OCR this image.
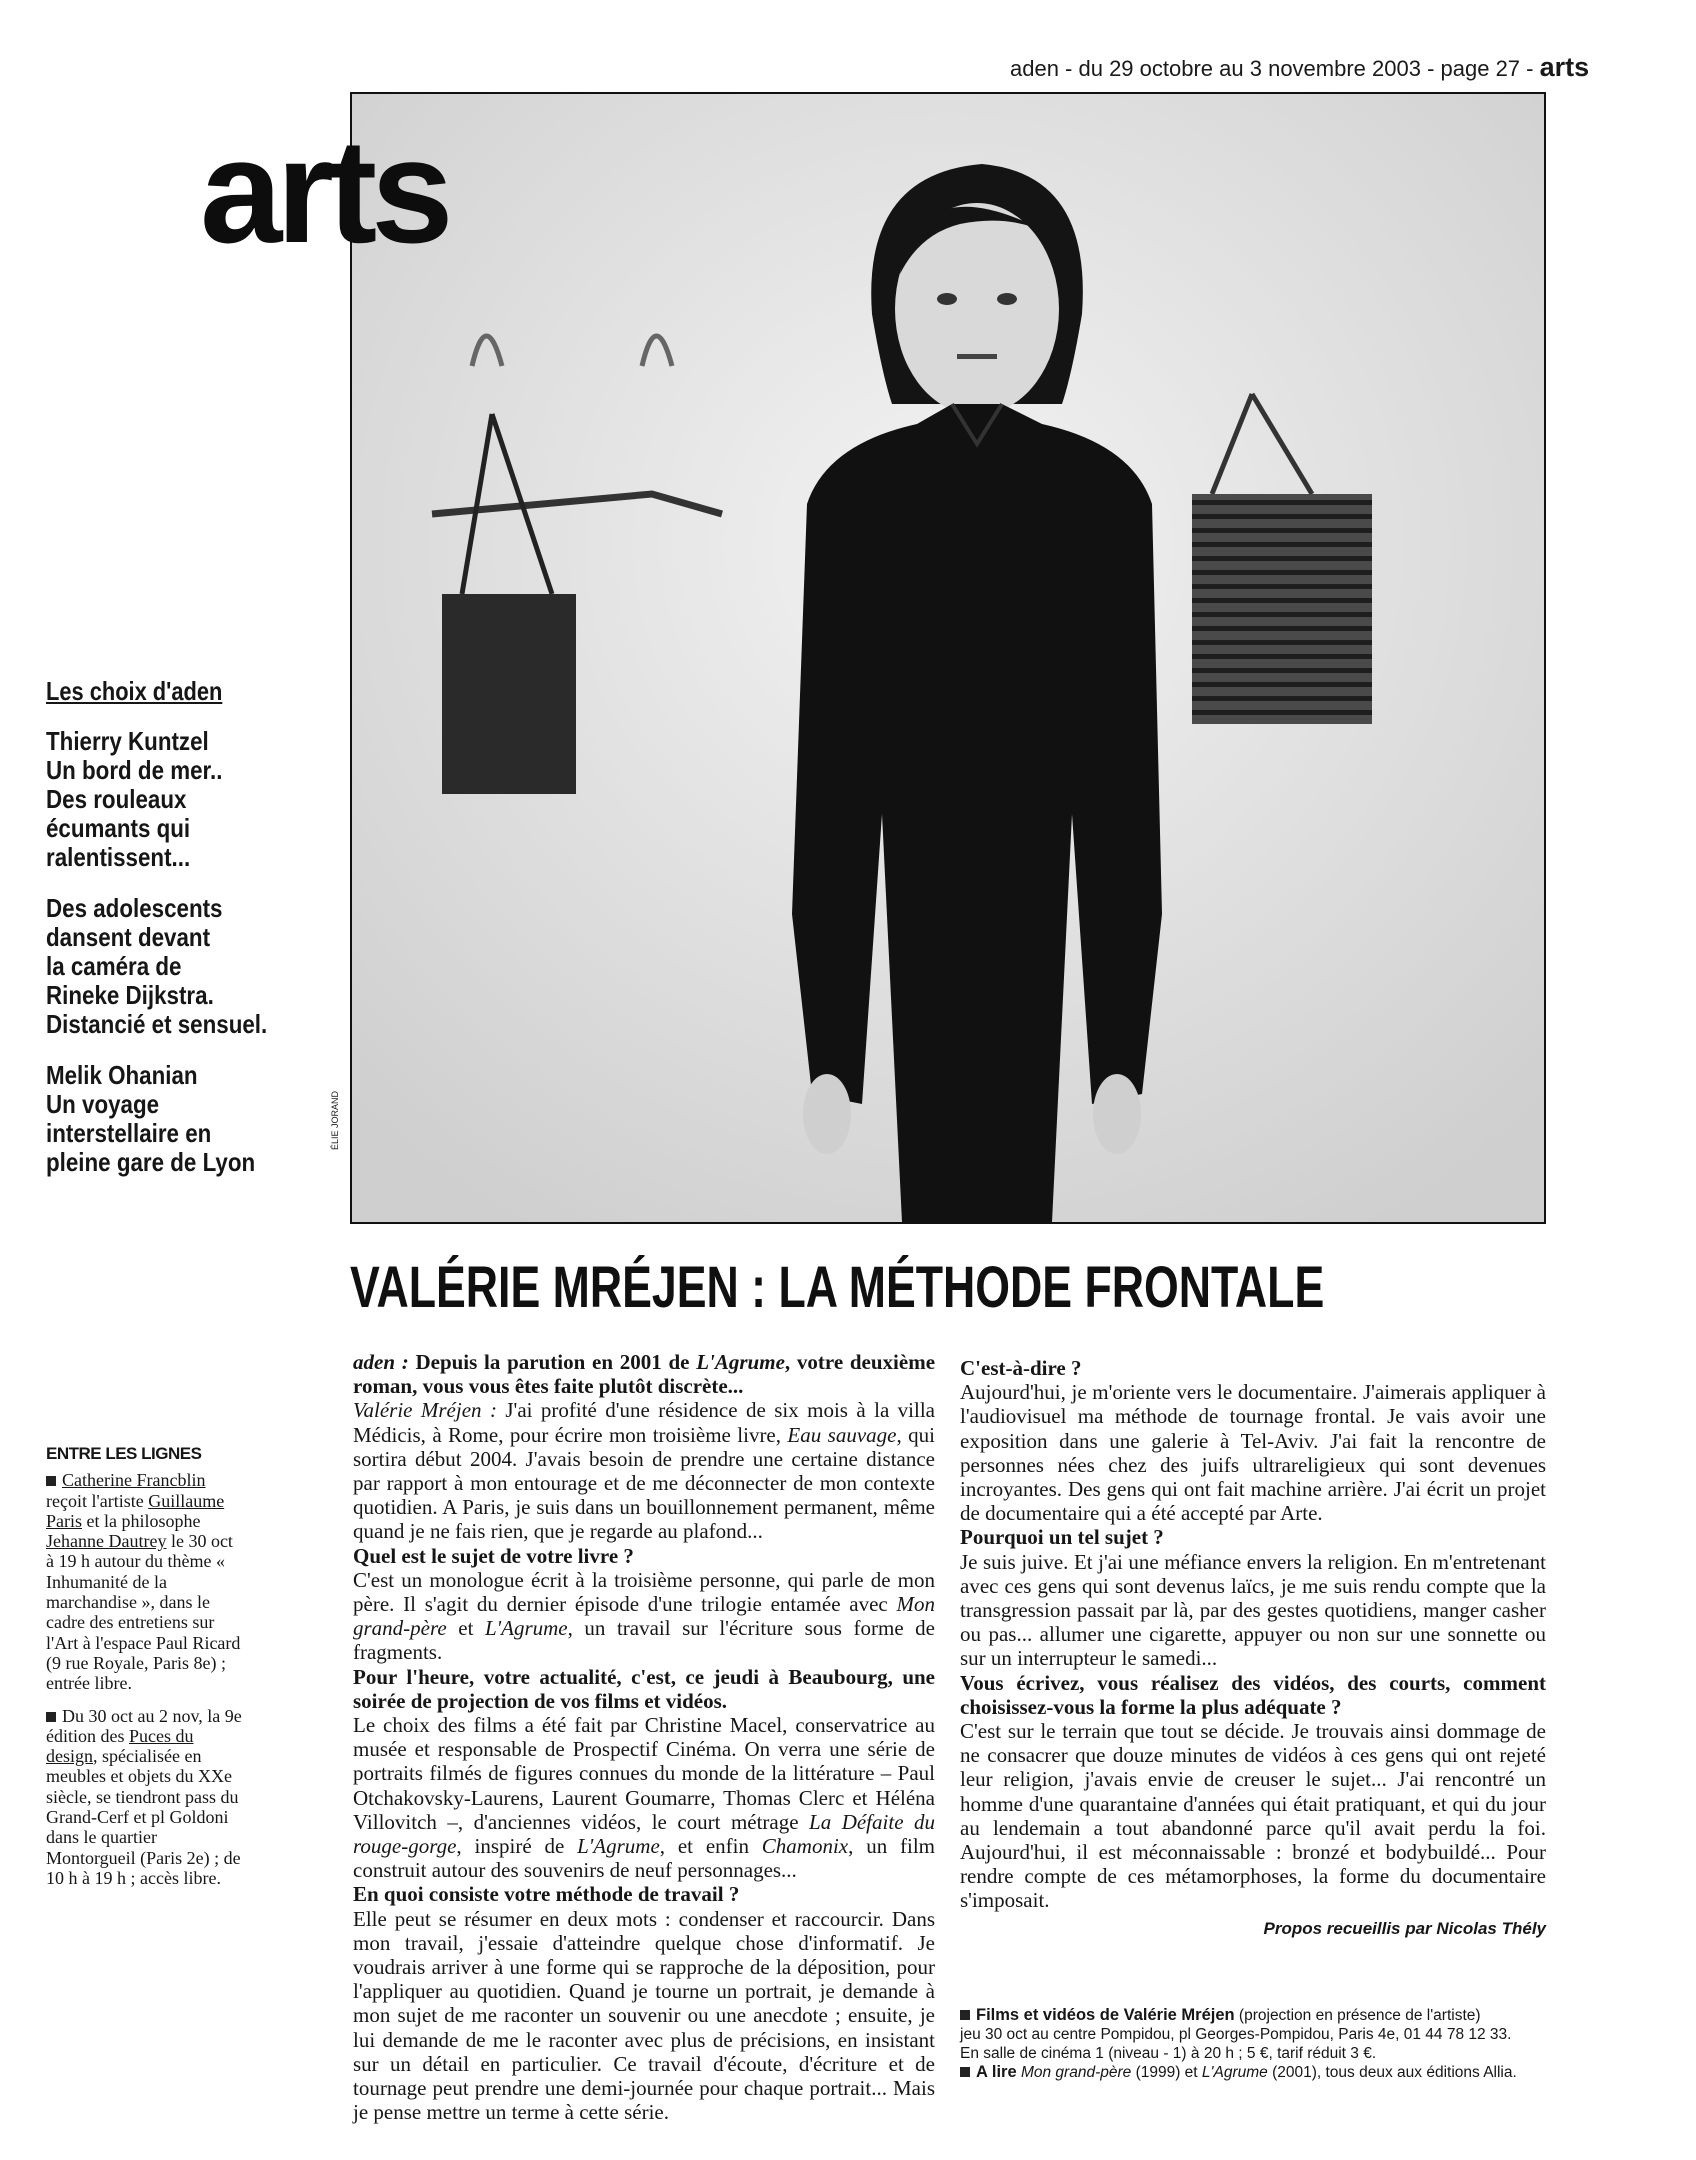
aden - du 29 octobre au 3 novembre 2003 - page 27 - arts
ÉLIE JORAND
arts
Les choix d'aden
Thierry Kuntzel
Un bord de mer..
Des rouleaux
écumants qui
ralentissent...
Des adolescents
dansent devant
la caméra de
Rineke Dijkstra.
Distancié et sensuel.
Melik Ohanian
Un voyage
interstellaire en
pleine gare de Lyon
VALÉRIE MRÉJEN : LA MÉTHODE FRONTALE
ENTRE LES LIGNES

Catherine Francblin reçoit l'artiste Guillaume Paris et la philosophe Jehanne Dautrey le 30 oct à 19 h autour du thème « Inhumanité de la marchandise », dans le cadre des entretiens sur l'Art à l'espace Paul Ricard (9 rue Royale, Paris 8e) ; entrée libre.

Du 30 oct au 2 nov, la 9e édition des Puces du design, spécialisée en meubles et objets du XXe siècle, se tiendront pass du Grand-Cerf et pl Goldoni dans le quartier Montorgueil (Paris 2e) ; de 10 h à 19 h ; accès libre.

aden : Depuis la parution en 2001 de L'Agrume, votre deuxième roman, vous vous êtes faite plutôt discrète...

Valérie Mréjen : J'ai profité d'une résidence de six mois à la villa Médicis, à Rome, pour écrire mon troisième livre, Eau sauvage, qui sortira début 2004. J'avais besoin de prendre une certaine distance par rapport à mon entourage et de me déconnecter de mon contexte quotidien. A Paris, je suis dans un bouillonnement permanent, même quand je ne fais rien, que je regarde au plafond...

Quel est le sujet de votre livre ?

C'est un monologue écrit à la troisième personne, qui parle de mon père. Il s'agit du dernier épisode d'une trilogie entamée avec Mon grand-père et L'Agrume, un travail sur l'écriture sous forme de fragments.

Pour l'heure, votre actualité, c'est, ce jeudi à Beaubourg, une soirée de projection de vos films et vidéos.

Le choix des films a été fait par Christine Macel, conservatrice au musée et responsable de Prospectif Cinéma. On verra une série de portraits filmés de figures connues du monde de la littérature – Paul Otchakovsky-Laurens, Laurent Goumarre, Thomas Clerc et Héléna Villovitch –, d'anciennes vidéos, le court métrage La Défaite du rouge-gorge, inspiré de L'Agrume, et enfin Chamonix, un film construit autour des souvenirs de neuf personnages...

En quoi consiste votre méthode de travail ?

Elle peut se résumer en deux mots : condenser et raccourcir. Dans mon travail, j'essaie d'atteindre quelque chose d'informatif. Je voudrais arriver à une forme qui se rapproche de la déposition, pour l'appliquer au quotidien. Quand je tourne un portrait, je demande à mon sujet de me raconter un souvenir ou une anecdote ; ensuite, je lui demande de me le raconter avec plus de précisions, en insistant sur un détail en particulier. Ce travail d'écoute, d'écriture et de tournage peut prendre une demi-journée pour chaque portrait... Mais je pense mettre un terme à cette série.

C'est-à-dire ?

Aujourd'hui, je m'oriente vers le documentaire. J'aimerais appliquer à l'audiovisuel ma méthode de tournage frontal. Je vais avoir une exposition dans une galerie à Tel-Aviv. J'ai fait la rencontre de personnes nées chez des juifs ultrareligieux qui sont devenues incroyantes. Des gens qui ont fait machine arrière. J'ai écrit un projet de documentaire qui a été accepté par Arte.

Pourquoi un tel sujet ?

Je suis juive. Et j'ai une méfiance envers la religion. En m'entretenant avec ces gens qui sont devenus laïcs, je me suis rendu compte que la transgression passait par là, par des gestes quotidiens, manger casher ou pas... allumer une cigarette, appuyer ou non sur une sonnette ou sur un interrupteur le samedi...

Vous écrivez, vous réalisez des vidéos, des courts, comment choisissez-vous la forme la plus adéquate ?

C'est sur le terrain que tout se décide. Je trouvais ainsi dommage de ne consacrer que douze minutes de vidéos à ces gens qui ont rejeté leur religion, j'avais envie de creuser le sujet... J'ai rencontré un homme d'une quarantaine d'années qui était pratiquant, et qui du jour au lendemain a tout abandonné parce qu'il avait perdu la foi. Aujourd'hui, il est méconnaissable : bronzé et bodybuildé... Pour rendre compte de ces métamorphoses, la forme du documentaire s'imposait.

Propos recueillis par Nicolas Thély

Films et vidéos de Valérie Mréjen (projection en présence de l'artiste)

jeu 30 oct au centre Pompidou, pl Georges-Pompidou, Paris 4e, 01 44 78 12 33.

En salle de cinéma 1 (niveau - 1) à 20 h ; 5 €, tarif réduit 3 €.

A lire Mon grand-père (1999) et L'Agrume (2001), tous deux aux éditions Allia.
